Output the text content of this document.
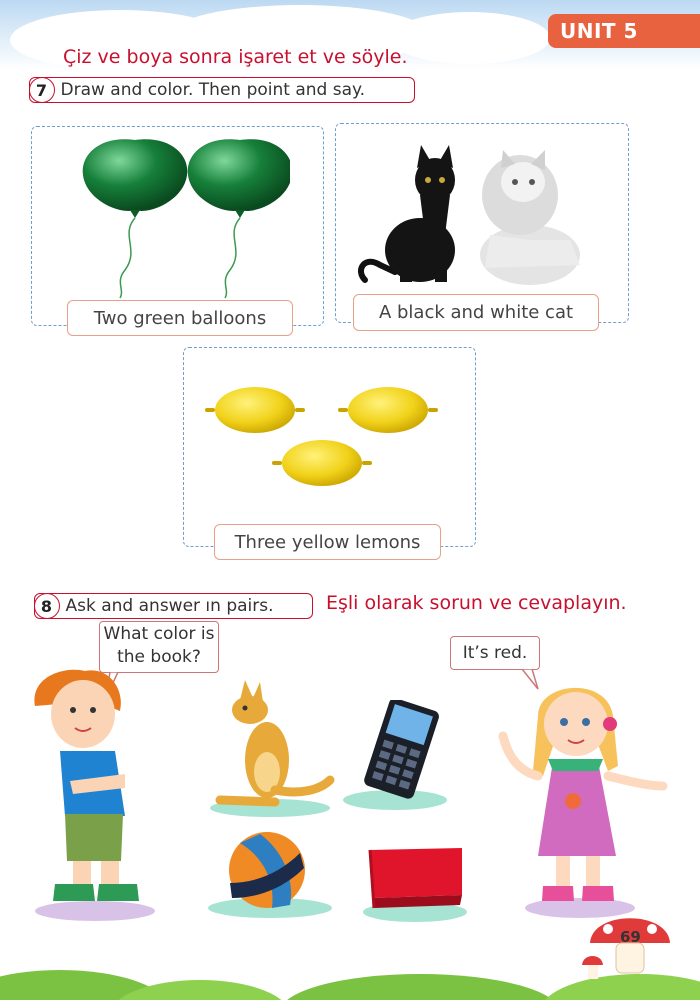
UNIT 5
Çiz ve boya sonra işaret et ve söyle.
7 Draw and color. Then point and say.
Two green balloons	A black and white cat
Three yellow lemons
8 Ask and answer ın pairs.	Eşli olarak sorun ve cevaplayın.
What color is the book?	It’s red.
69
